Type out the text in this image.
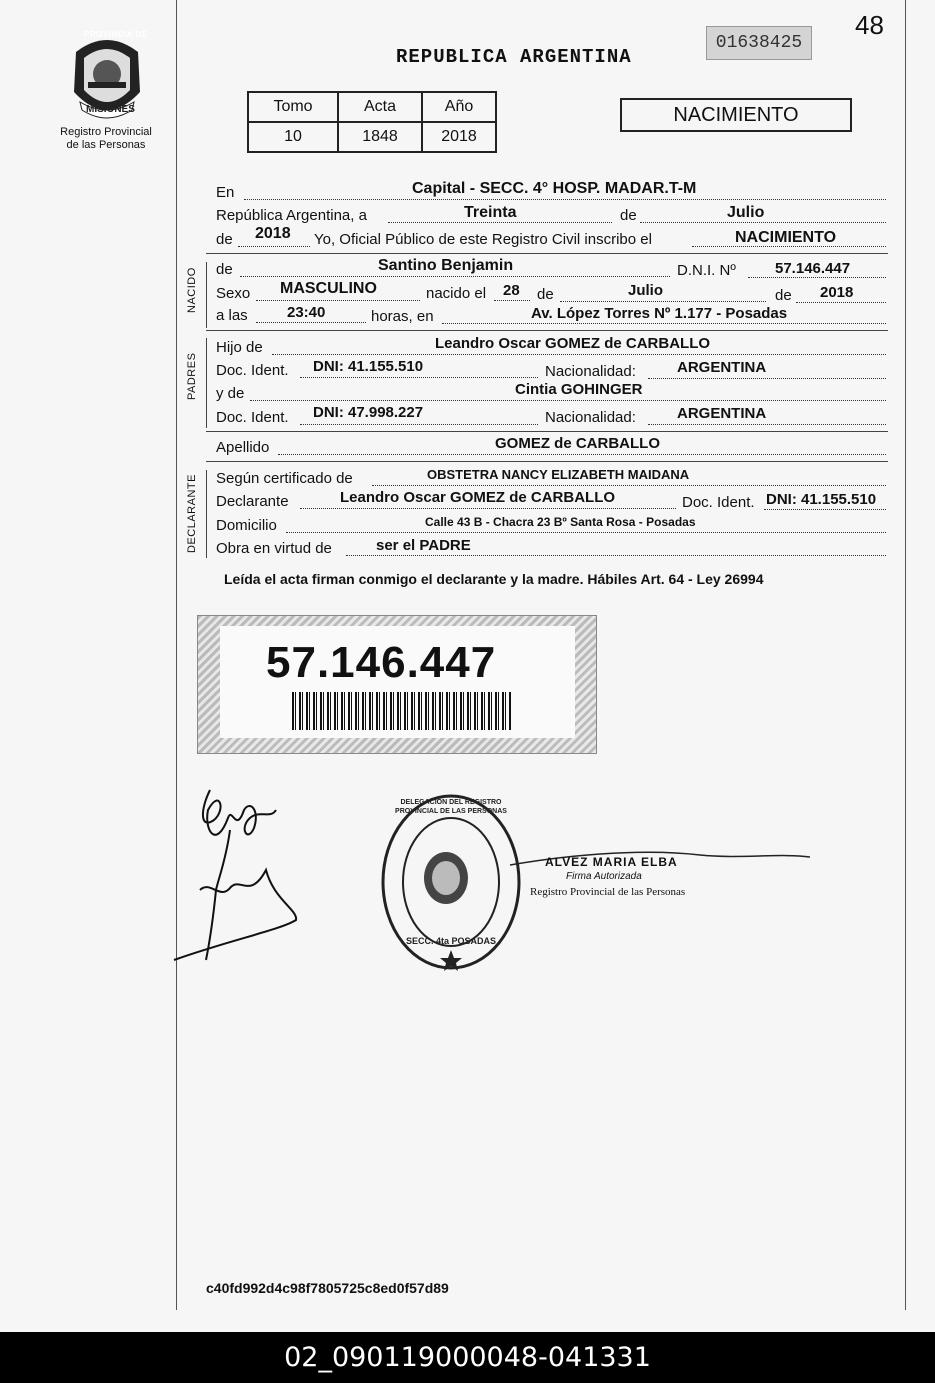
48
01638425
PROVINCIA DE
MISIONES
Registro Provincial
de las Personas
REPUBLICA ARGENTINA
Tomo	Acta	Año
10	1848	2018
NACIMIENTO
En	Capital - SECC. 4° HOSP. MADAR.T-M
República Argentina, a	Treinta	de	Julio
de 2018 Yo, Oficial Público de este Registro Civil inscribo el	NACIMIENTO
NACIDO de	Santino Benjamin	D.N.I. Nº	57.146.447
Sexo MASCULINO	nacido el 28 de	Julio	de 2018
a las	23:40	horas, en	Av. López Torres Nº 1.177 - Posadas
PADRES
Hijo de	Leandro Oscar GOMEZ de CARBALLO
Doc. Ident. DNI: 41.155.510	Nacionalidad:	ARGENTINA
y de	Cintia GOHINGER
Doc. Ident. DNI: 47.998.227	Nacionalidad:	ARGENTINA
Apellido	GOMEZ de CARBALLO
DECLARANTE Según certificado de	OBSTETRA NANCY ELIZABETH MAIDANA
Declarante	Leandro Oscar GOMEZ de CARBALLO	Doc. Ident. DNI: 41.155.510
Domicilio	Calle 43 B - Chacra 23 Bº Santa Rosa - Posadas
Obra en virtud de	ser el PADRE
Leída el acta firman conmigo el declarante y la madre. Hábiles Art. 64 - Ley 26994
57.146.447
DELEGACION DEL REGISTRO PROVINCIAL DE LAS PERSONAS
SECC. 4ta POSADAS
ALVEZ MARIA ELBA
Firma Autorizada
Registro Provincial de las Personas
c40fd992d4c98f7805725c8ed0f57d89
02_090119000048-041331
